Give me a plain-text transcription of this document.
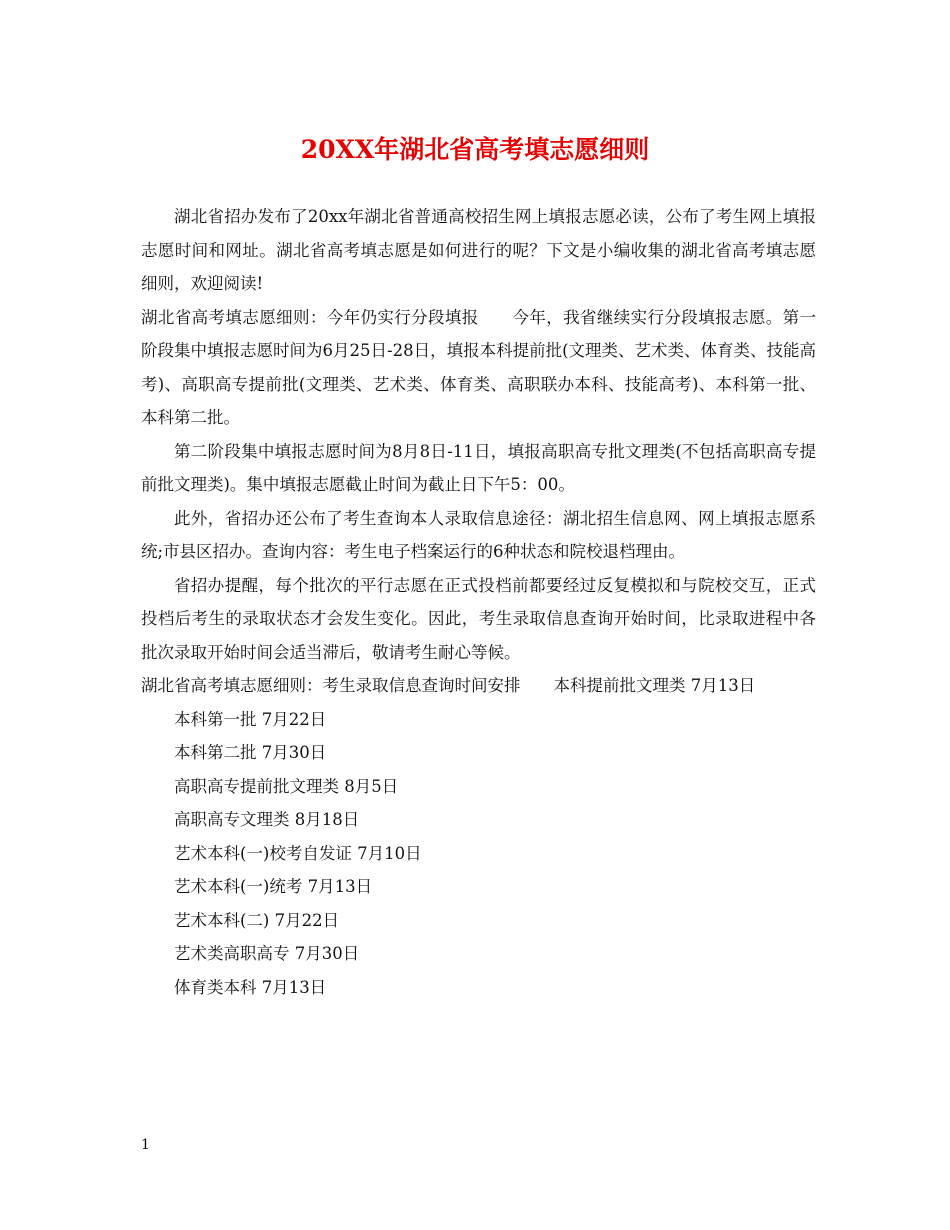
20XX年湖北省高考填志愿细则

湖北省招办发布了20xx年湖北省普通高校招生网上填报志愿必读，公布了考生网上填报志愿时间和网址。湖北省高考填志愿是如何进行的呢？下文是小编收集的湖北省高考填志愿细则，欢迎阅读!

湖北省高考填志愿细则：今年仍实行分段填报　　今年，我省继续实行分段填报志愿。第一阶段集中填报志愿时间为6月25日-28日，填报本科提前批(文理类、艺术类、体育类、技能高考)、高职高专提前批(文理类、艺术类、体育类、高职联办本科、技能高考)、本科第一批、本科第二批。

第二阶段集中填报志愿时间为8月8日-11日，填报高职高专批文理类(不包括高职高专提前批文理类)。集中填报志愿截止时间为截止日下午5：00。

此外，省招办还公布了考生查询本人录取信息途径：湖北招生信息网、网上填报志愿系统;市县区招办。查询内容：考生电子档案运行的6种状态和院校退档理由。

省招办提醒，每个批次的平行志愿在正式投档前都要经过反复模拟和与院校交互，正式投档后考生的录取状态才会发生变化。因此，考生录取信息查询开始时间，比录取进程中各批次录取开始时间会适当滞后，敬请考生耐心等候。

湖北省高考填志愿细则：考生录取信息查询时间安排　　本科提前批文理类 7月13日

本科第一批 7月22日

本科第二批 7月30日

高职高专提前批文理类 8月5日

高职高专文理类 8月18日

艺术本科(一)校考自发证 7月10日

艺术本科(一)统考 7月13日

艺术本科(二) 7月22日

艺术类高职高专 7月30日

体育类本科 7月13日

1
